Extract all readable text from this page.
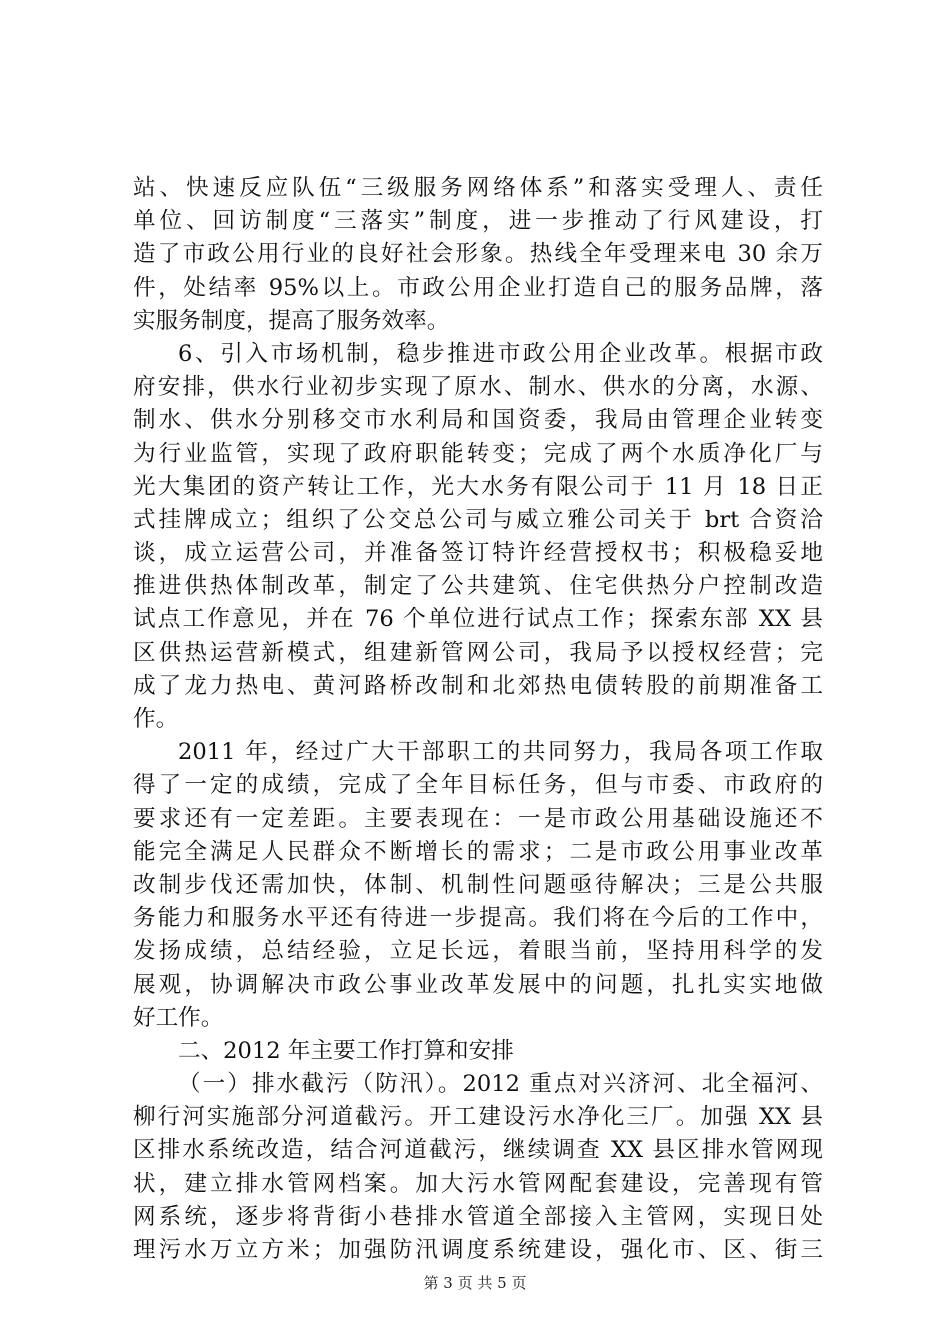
站、快速反应队伍“三级服务网络体系”和落实受理人、责任
单位、回访制度“三落实”制度，进一步推动了行风建设，打
造了市政公用行业的良好社会形象。热线全年受理来电 30 余万
件，处结率 95%以上。市政公用企业打造自己的服务品牌，落
实服务制度，提高了服务效率。
6、引入市场机制，稳步推进市政公用企业改革。根据市政
府安排，供水行业初步实现了原水、制水、供水的分离，水源、
制水、供水分别移交市水利局和国资委，我局由管理企业转变
为行业监管，实现了政府职能转变；完成了两个水质净化厂与
光大集团的资产转让工作，光大水务有限公司于 11 月 18 日正
式挂牌成立；组织了公交总公司与威立雅公司关于 brt 合资洽
谈，成立运营公司，并准备签订特许经营授权书；积极稳妥地
推进供热体制改革，制定了公共建筑、住宅供热分户控制改造
试点工作意见，并在 76 个单位进行试点工作；探索东部 XX 县
区供热运营新模式，组建新管网公司，我局予以授权经营；完
成了龙力热电、黄河路桥改制和北郊热电债转股的前期准备工
作。
2011 年，经过广大干部职工的共同努力，我局各项工作取
得了一定的成绩，完成了全年目标任务，但与市委、市政府的
要求还有一定差距。主要表现在：一是市政公用基础设施还不
能完全满足人民群众不断增长的需求；二是市政公用事业改革
改制步伐还需加快，体制、机制性问题亟待解决；三是公共服
务能力和服务水平还有待进一步提高。我们将在今后的工作中，
发扬成绩，总结经验，立足长远，着眼当前，坚持用科学的发
展观，协调解决市政公事业改革发展中的问题，扎扎实实地做
好工作。
二、2012 年主要工作打算和安排
（一）排水截污（防汛）。2012 重点对兴济河、北全福河、
柳行河实施部分河道截污。开工建设污水净化三厂。加强 XX 县
区排水系统改造，结合河道截污，继续调查 XX 县区排水管网现
状，建立排水管网档案。加大污水管网配套建设，完善现有管
网系统，逐步将背街小巷排水管道全部接入主管网，实现日处
理污水万立方米；加强防汛调度系统建设，强化市、区、街三
第 3 页 共 5 页
